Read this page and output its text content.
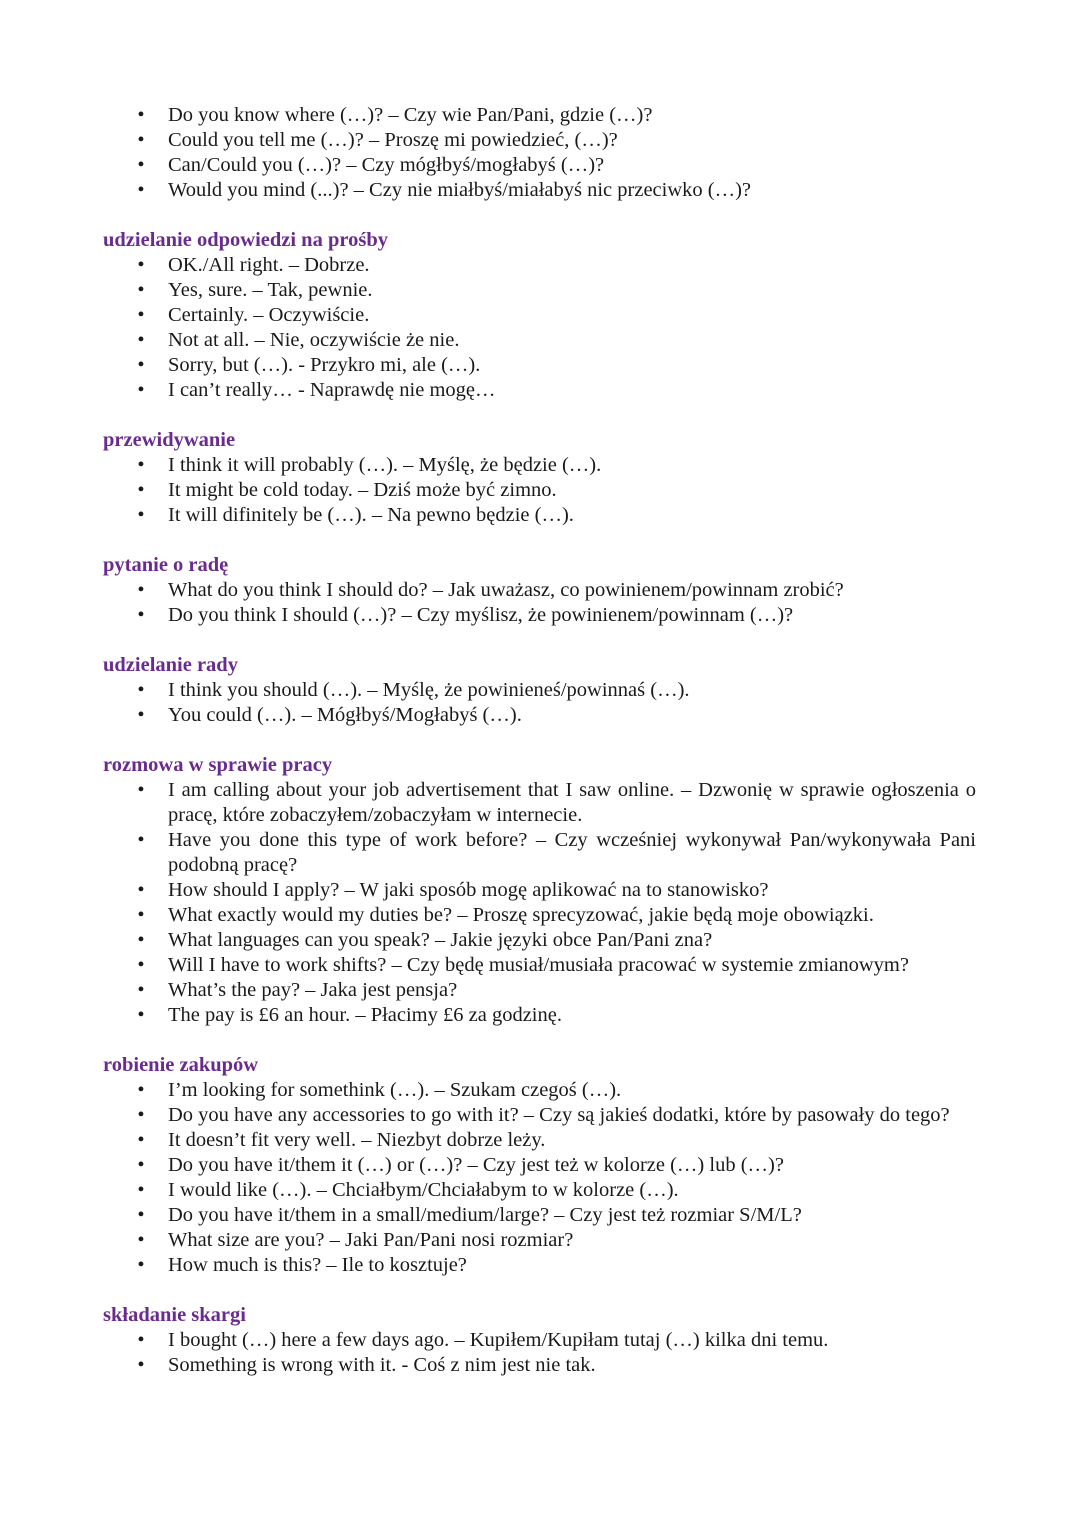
•
Do you know where (…)? – Czy wie Pan/Pani, gdzie (…)?
•
Could you tell me (…)? – Proszę mi powiedzieć, (…)?
•
Can/Could you (…)? – Czy mógłbyś/mogłabyś (…)?
•
Would you mind (...)? – Czy nie miałbyś/miałabyś nic przeciwko (…)?

udzielanie odpowiedzi na prośby

•
OK./All right. – Dobrze.
•
Yes, sure. – Tak, pewnie.
•
Certainly. – Oczywiście.
•
Not at all. – Nie, oczywiście że nie.
•
Sorry, but (…). - Przykro mi, ale (…).
•
I can’t really… - Naprawdę nie mogę…

przewidywanie

•
I think it will probably (…). – Myślę, że będzie (…).
•
It might be cold today. – Dziś może być zimno.
•
It will difinitely be (…). – Na pewno będzie (…).

pytanie o radę

•
What do you think I should do? – Jak uważasz, co powinienem/powinnam zrobić?
•
Do you think I should (…)? – Czy myślisz, że powinienem/powinnam (…)?

udzielanie rady

•
I think you should (…). – Myślę, że powinieneś/powinnaś (…).
•
You could (…). – Mógłbyś/Mogłabyś (…).

rozmowa w sprawie pracy

•
I am calling about your job advertisement that I saw online. – Dzwonię w sprawie ogłoszenia o pracę, które zobaczyłem/zobaczyłam w internecie.
•
Have you done this type of work before? – Czy wcześniej wykonywał Pan/wykonywała Pani podobną pracę?
•
How should I apply? – W jaki sposób mogę aplikować na to stanowisko?
•
What exactly would my duties be? – Proszę sprecyzować, jakie będą moje obowiązki.
•
What languages can you speak? – Jakie języki obce Pan/Pani zna?
•
Will I have to work shifts? – Czy będę musiał/musiała pracować w systemie zmianowym?
•
What’s the pay? – Jaka jest pensja?
•
The pay is £6 an hour. – Płacimy £6 za godzinę.

robienie zakupów

•
I’m looking for somethink (…). – Szukam czegoś (…).
•
Do you have any accessories to go with it? – Czy są jakieś dodatki, które by pasowały do tego?
•
It doesn’t fit very well. – Niezbyt dobrze leży.
•
Do you have it/them it (…) or (…)? – Czy jest też w kolorze (…) lub (…)?
•
I would like (…). – Chciałbym/Chciałabym to w kolorze (…).
•
Do you have it/them in a small/medium/large? – Czy jest też rozmiar S/M/L?
•
What size are you? – Jaki Pan/Pani nosi rozmiar?
•
How much is this? – Ile to kosztuje?

składanie skargi

•
I bought (…) here a few days ago. – Kupiłem/Kupiłam tutaj (…) kilka dni temu.
•
Something is wrong with it. - Coś z nim jest nie tak.
